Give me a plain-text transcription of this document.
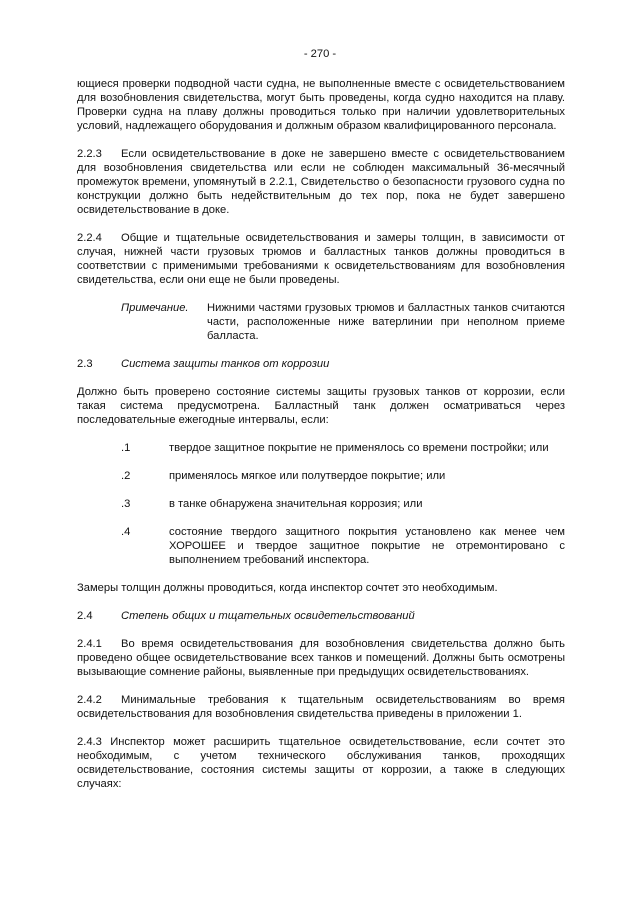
- 270 -

ющиеся проверки подводной части судна, не выполненные вместе с освидетельствованием для возобновления свидетельства, могут быть проведены, когда судно находится на плаву. Проверки судна на плаву должны проводиться только при наличии удовлетворительных условий, надлежащего оборудования и должным образом квалифицированного персонала.

2.2.3 Если освидетельствование в доке не завершено вместе с освидетельствованием для возобновления свидетельства или если не соблюден максимальный 36-месячный промежуток времени, упомянутый в 2.2.1, Свидетельство о безопасности грузового судна по конструкции должно быть недействительным до тех пор, пока не будет завершено освидетельствование в доке.

2.2.4 Общие и тщательные освидетельствования и замеры толщин, в зависимости от случая, нижней части грузовых трюмов и балластных танков должны проводиться в соответствии с применимыми требованиями к освидетельствованиям для возобновления свидетельства, если они еще не были проведены.

Примечание.	Нижними частями грузовых трюмов и балластных танков считаются части, расположенные ниже ватерлинии при неполном приеме балласта.
2.3	Система защиты танков от коррозии

Должно быть проверено состояние системы защиты грузовых танков от коррозии, если такая система предусмотрена. Балластный танк должен осматриваться через последовательные ежегодные интервалы, если:

.1	твердое защитное покрытие не применялось со времени постройки; или
.2	применялось мягкое или полутвердое покрытие; или
.3	в танке обнаружена значительная коррозия; или
.4	состояние твердого защитного покрытия установлено как менее чем ХОРОШЕЕ и твердое защитное покрытие не отремонтировано с выполнением требований инспектора.

Замеры толщин должны проводиться, когда инспектор сочтет это необходимым.

2.4	Степень общих и тщательных освидетельствований

2.4.1 Во время освидетельствования для возобновления свидетельства должно быть проведено общее освидетельствование всех танков и помещений. Должны быть осмотрены вызывающие сомнение районы, выявленные при предыдущих освидетельствованиях.

2.4.2 Минимальные требования к тщательным освидетельствованиям во время освидетельствования для возобновления свидетельства приведены в приложении 1.

2.4.3 Инспектор может расширить тщательное освидетельствование, если сочтет это необходимым, с учетом технического обслуживания танков, проходящих освидетельствование, состояния системы защиты от коррозии, а также в следующих случаях:
